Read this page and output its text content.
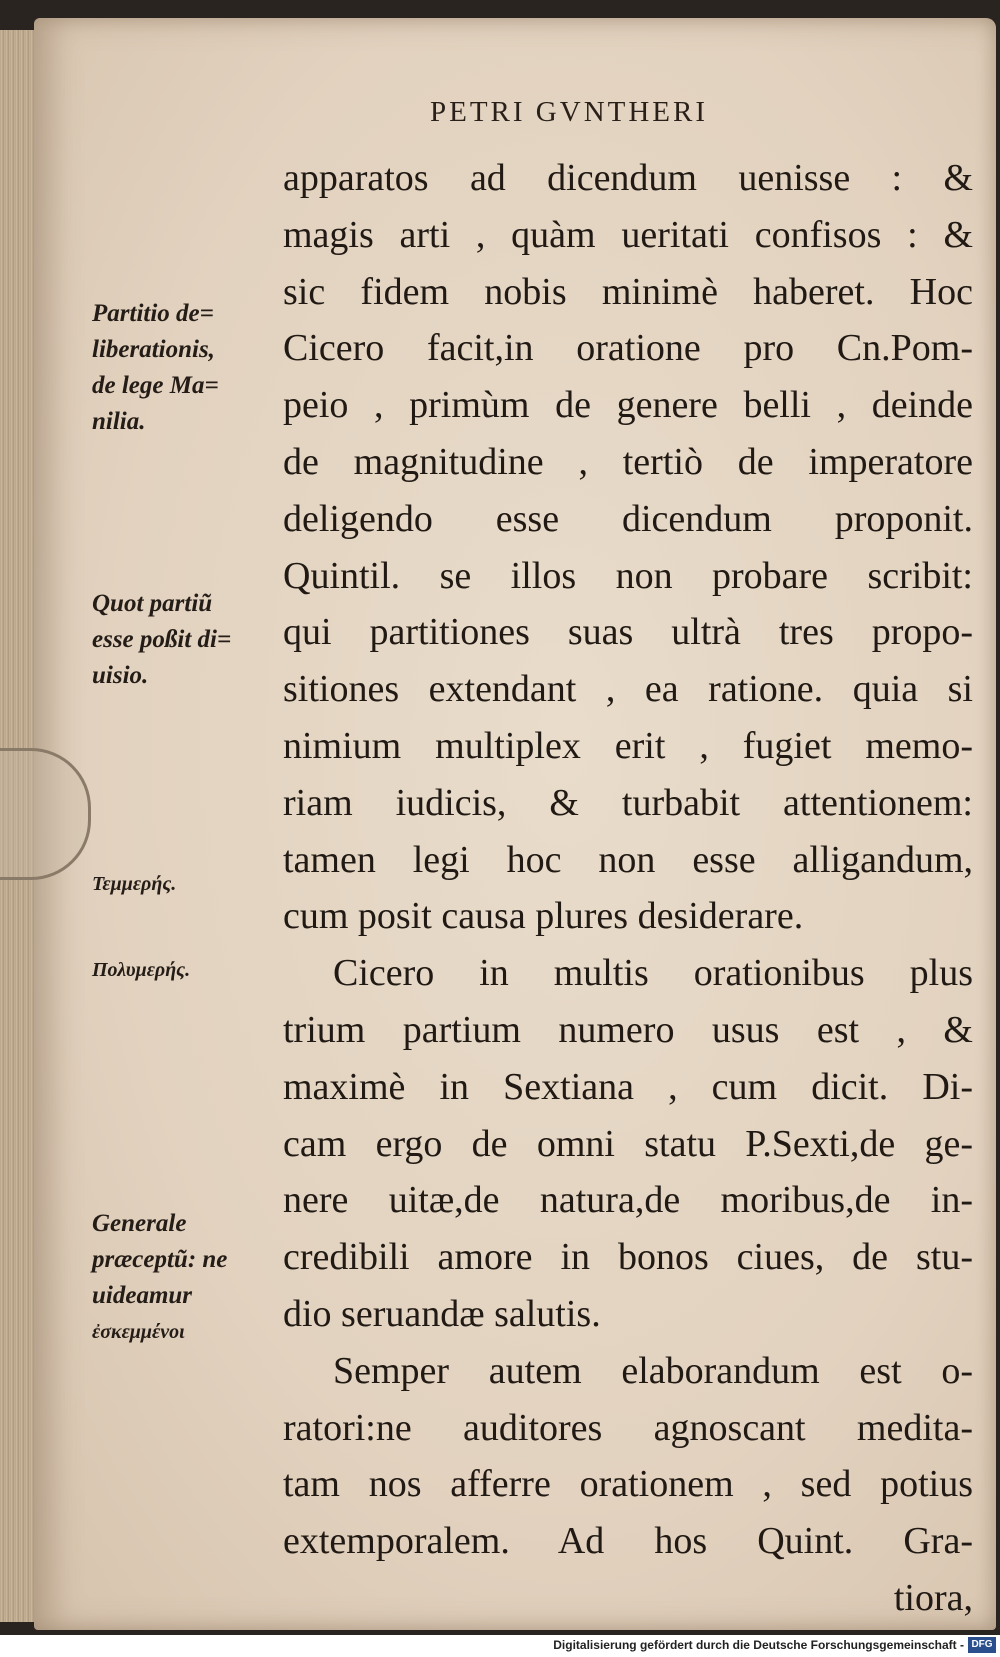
PETRI GVNTHERI
apparatos ad dicendum uenisse : &
magis arti , quàm ueritati confisos : &
sic fidem nobis minimè haberet. Hoc
Cicero facit,in oratione pro Cn.Pom-
peio , primùm de genere belli , deinde
de magnitudine , tertiò de imperatore
deligendo esse dicendum proponit.
Quintil. se illos non probare scribit:
qui partitiones suas ultrà tres propo-
sitiones extendant , ea ratione. quia si
nimium multiplex erit , fugiet memo-
riam iudicis, & turbabit attentionem:
tamen legi hoc non esse alligandum,
cum posit causa plures desiderare.
Cicero in multis orationibus plus
trium partium numero usus est , &
maximè in Sextiana , cum dicit. Di-
cam ergo de omni statu P.Sexti,de ge-
nere uitæ,de natura,de moribus,de in-
credibili amore in bonos ciues, de stu-
dio seruandæ salutis.
Semper autem elaborandum est o-
ratori:ne auditores agnoscant medita-
tam nos afferre orationem , sed potius
extemporalem. Ad hos Quint. Gra-
tiora,
Partitio de=
liberationis,
de lege Ma=
nilia.
Quot partiũ
esse poßit di=
uisio.
Τεμμερής.
Πολυμερής.
Generale
præceptũ: ne
uideamur
ἐσκεμμένοι
Digitalisierung gefördert durch die Deutsche Forschungsgemeinschaft - DFG
